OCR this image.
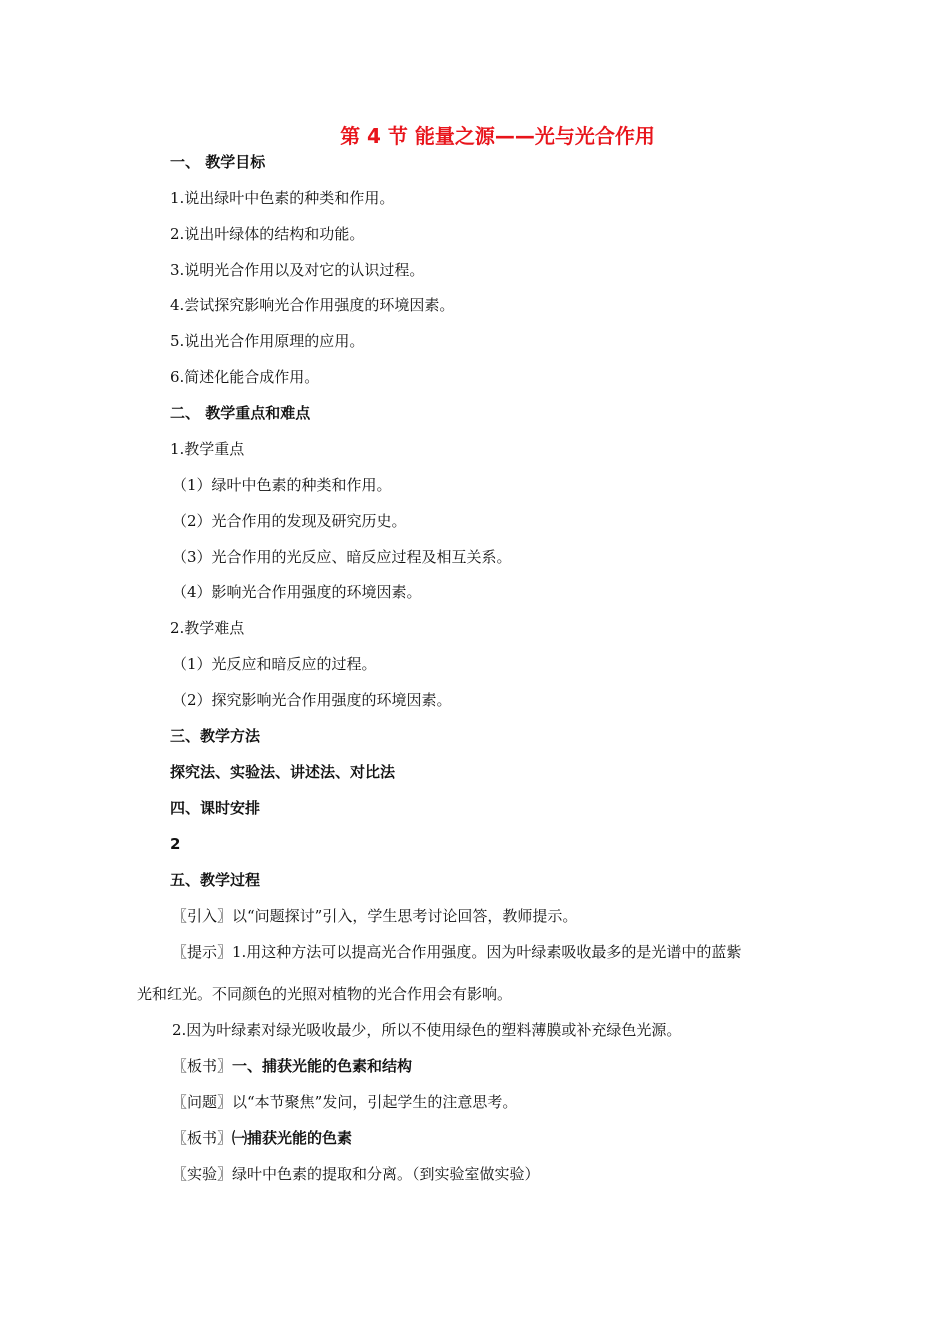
第 4 节 能量之源——光与光合作用

一、 教学目标

1.说出绿叶中色素的种类和作用。

2.说出叶绿体的结构和功能。

3.说明光合作用以及对它的认识过程。

4.尝试探究影响光合作用强度的环境因素。

5.说出光合作用原理的应用。

6.简述化能合成作用。

二、 教学重点和难点

1.教学重点

（1）绿叶中色素的种类和作用。

（2）光合作用的发现及研究历史。

（3）光合作用的光反应、暗反应过程及相互关系。

（4）影响光合作用强度的环境因素。

2.教学难点

（1）光反应和暗反应的过程。

（2）探究影响光合作用强度的环境因素。

三、教学方法

探究法、实验法、讲述法、对比法

四、课时安排

2

五、教学过程

〖引入〗以“问题探讨”引入，学生思考讨论回答，教师提示。

〖提示〗1.用这种方法可以提高光合作用强度。因为叶绿素吸收最多的是光谱中的蓝紫

光和红光。不同颜色的光照对植物的光合作用会有影响。

2.因为叶绿素对绿光吸收最少，所以不使用绿色的塑料薄膜或补充绿色光源。

〖板书〗一、捕获光能的色素和结构

〖问题〗以“本节聚焦”发问，引起学生的注意思考。

〖板书〗㈠捕获光能的色素

〖实验〗绿叶中色素的提取和分离。（到实验室做实验）
